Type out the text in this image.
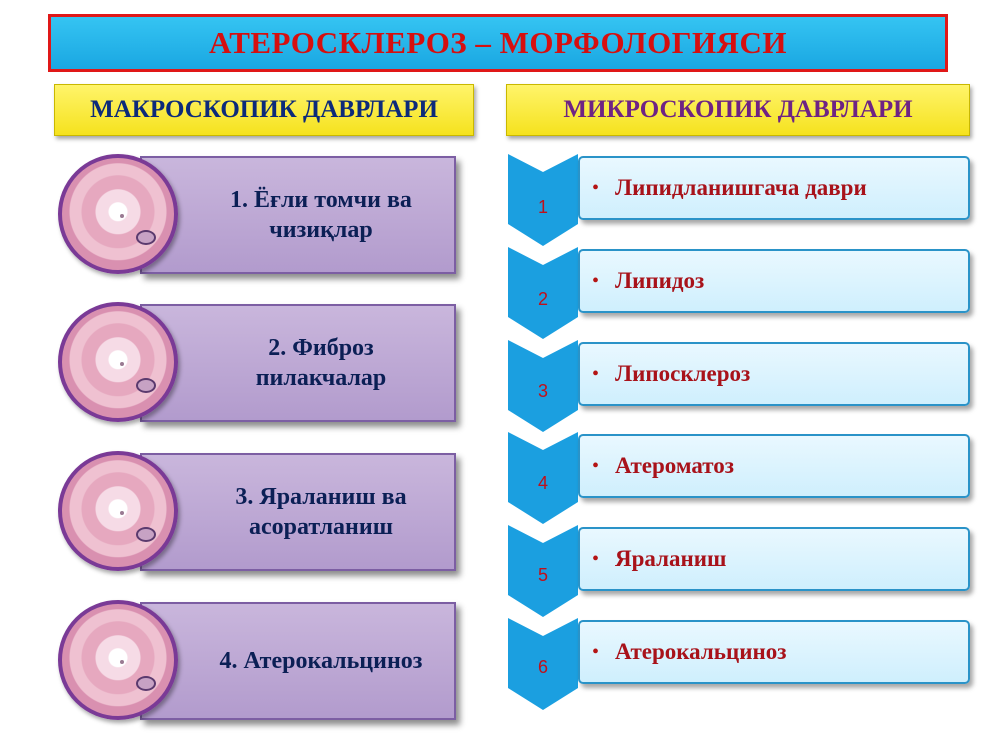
АТЕРОСКЛЕРОЗ – МОРФОЛОГИЯСИ
МАКРОСКОПИК ДАВРЛАРИ	МИКРОСКОПИК ДАВРЛАРИ
1. Ёғли томчи ва
чизиқлар
2. Фиброз
пилакчалар
3. Яраланиш ва
асоратланиш
4. Атерокальциноз
1
2
3
4
5
6
• Липидланишгача даври
• Липидоз
• Липосклероз
• Атероматоз
• Яраланиш
• Атерокальциноз
